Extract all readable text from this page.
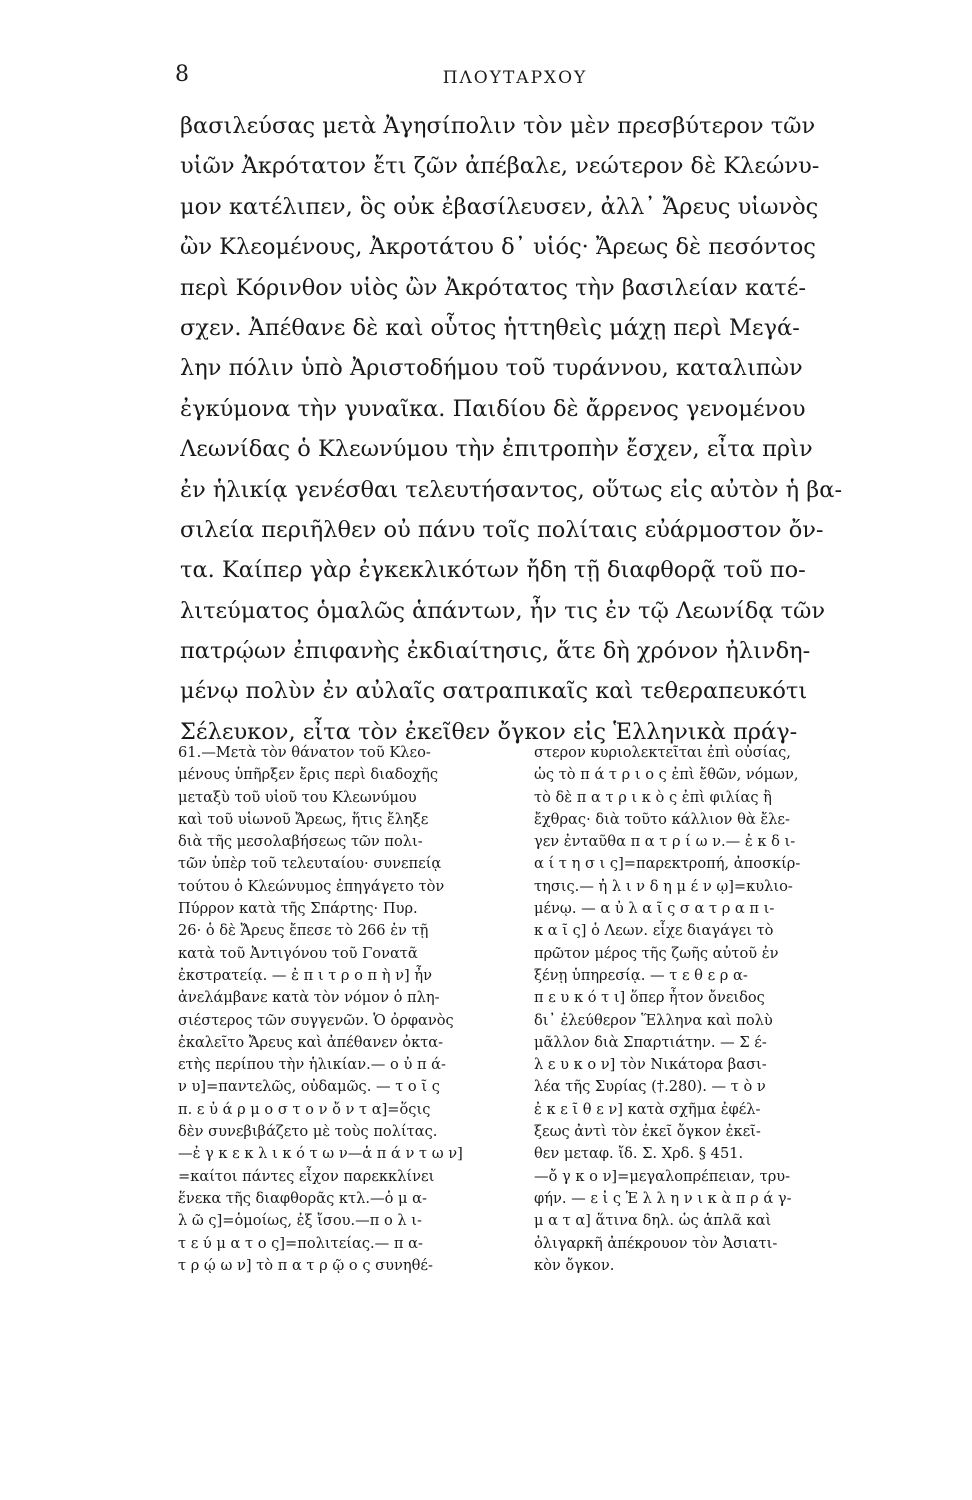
8	ΠΛΟΥΤΑΡΧΟΥ
βασιλεύσας μετὰ Ἀγησίπολιν τὸν μὲν πρεσβύτερον τῶν
υἱῶν Ἀκρότατον ἔτι ζῶν ἀπέβαλε, νεώτερον δὲ Κλεώνυ-
μον κατέλιπεν, ὃς οὐκ ἐβασίλευσεν, ἀλλ᾽ Ἄρευς υἱωνὸς
ὢν Κλεομένους, Ἀκροτάτου δ᾽ υἱός· Ἄρεως δὲ πεσόντος
περὶ Κόρινθον υἱὸς ὢν Ἀκρότατος τὴν βασιλείαν κατέ-
σχεν. Ἀπέθανε δὲ καὶ οὗτος ἡττηθεὶς μάχῃ περὶ Μεγά-
λην πόλιν ὑπὸ Ἀριστοδήμου τοῦ τυράννου, καταλιπὼν
ἐγκύμονα τὴν γυναῖκα. Παιδίου δὲ ἄρρενος γενομένου
Λεωνίδας ὁ Κλεωνύμου τὴν ἐπιτροπὴν ἔσχεν, εἶτα πρὶν
ἐν ἡλικίᾳ γενέσθαι τελευτήσαντος, οὕτως εἰς αὐτὸν ἡ βα-
σιλεία περιῆλθεν οὐ πάνυ τοῖς πολίταις εὐάρμοστον ὄν-
τα. Καίπερ γὰρ ἐγκεκλικότων ἤδη τῇ διαφθορᾷ τοῦ πο-
λιτεύματος ὁμαλῶς ἁπάντων, ἦν τις ἐν τῷ Λεωνίδᾳ τῶν
πατρῴων ἐπιφανὴς ἐκδιαίτησις, ἅτε δὴ χρόνον ἠλινδη-
μένῳ πολὺν ἐν αὐλαῖς σατραπικαῖς καὶ τεθεραπευκότι
Σέλευκον, εἶτα τὸν ἐκεῖθεν ὄγκον εἰς Ἑλληνικὰ πράγ-
61.—Μετὰ τὸν θάνατον τοῦ Κλεο-
μένους ὑπῆρξεν ἔρις περὶ διαδοχῆς
μεταξὺ τοῦ υἱοῦ του Κλεωνύμου
καὶ τοῦ υἱωνοῦ Ἄρεως, ἥτις ἔληξε
διὰ τῆς μεσολαβήσεως τῶν πολι-
τῶν ὑπὲρ τοῦ τελευταίου· συνεπείᾳ
τούτου ὁ Κλεώνυμος ἐπηγάγετο τὸν
Πύρρον κατὰ τῆς Σπάρτης· Πυρ.
26· ὁ δὲ Ἄρευς ἔπεσε τὸ 266 ἐν τῇ
κατὰ τοῦ Ἀντιγόνου τοῦ Γονατᾶ
ἐκστρατείᾳ. — ἐ π ι τ ρ ο π ὴ ν] ἦν
ἀνελάμβανε κατὰ τὸν νόμον ὁ πλη-
σιέστερος τῶν συγγενῶν. Ὁ ὀρφανὸς
ἐκαλεῖτο Ἄρευς καὶ ἀπέθανεν ὀκτα-
ετὴς περίπου τὴν ἡλικίαν.— ο ὐ π ά-
ν υ]=παντελῶς, οὐδαμῶς. — τ ο ῖ ς
π. ε ὐ ά ρ μ ο σ τ ο ν ὄ ν τ α]=ὅςις
δὲν συνεβιβάζετο μὲ τοὺς πολίτας.
—ἐ γ κ ε κ λ ι κ ό τ ω ν—ἁ π ά ν τ ω ν]
=καίτοι πάντες εἶχον παρεκκλίνει
ἕνεκα τῆς διαφθορᾶς κτλ.—ὁ μ α-
λ ῶ ς]=ὁμοίως, ἐξ ἴσου.—π ο λ ι-
τ ε ύ μ α τ ο ς]=πολιτείας.— π α-
τ ρ ῴ ω ν] τὸ π α τ ρ ῷ ο ς συνηθέ-
στερον κυριολεκτεῖται ἐπὶ οὐσίας,
ὡς τὸ π ά τ ρ ι ο ς ἐπὶ ἔθῶν, νόμων,
τὸ δὲ π α τ ρ ι κ ὸ ς ἐπὶ φιλίας ἢ
ἔχθρας· διὰ τοῦτο κάλλιον θὰ ἔλε-
γεν ἐνταῦθα π α τ ρ ί ω ν.— ἐ κ δ ι-
α ί τ η σ ι ς]=παρεκτροπή, ἀποσκίρ-
τησις.— ἠ λ ι ν δ η μ έ ν ῳ]=κυλιο-
μένῳ. — α ὐ λ α ῖ ς σ α τ ρ α π ι-
κ α ῖ ς] ὁ Λεων. εἶχε διαγάγει τὸ
πρῶτον μέρος τῆς ζωῆς αὐτοῦ ἐν
ξένῃ ὑπηρεσίᾳ. — τ ε θ ε ρ α-
π ε υ κ ό τ ι] ὅπερ ἦτον ὄνειδος
δι᾽ ἐλεύθερον Ἕλληνα καὶ πολὺ
μᾶλλον διὰ Σπαρτιάτην. — Σ έ-
λ ε υ κ ο ν] τὸν Νικάτορα βασι-
λέα τῆς Συρίας (†.280). — τ ὸ ν
ἐ κ ε ῖ θ ε ν] κατὰ σχῆμα ἐφέλ-
ξεως ἀντὶ τὸν ἐκεῖ ὄγκον ἐκεῖ-
θεν μεταφ. ἴδ. Σ. Χρδ. § 451.
—ὄ γ κ ο ν]=μεγαλοπρέπειαν, τρυ-
φήν. — ε ἰ ς Ἑ λ λ η ν ι κ ὰ π ρ ά γ-
μ α τ α] ἅτινα δηλ. ὡς ἁπλᾶ καὶ
ὀλιγαρκῆ ἀπέκρουον τὸν Ἀσιατι-
κὸν ὄγκον.
